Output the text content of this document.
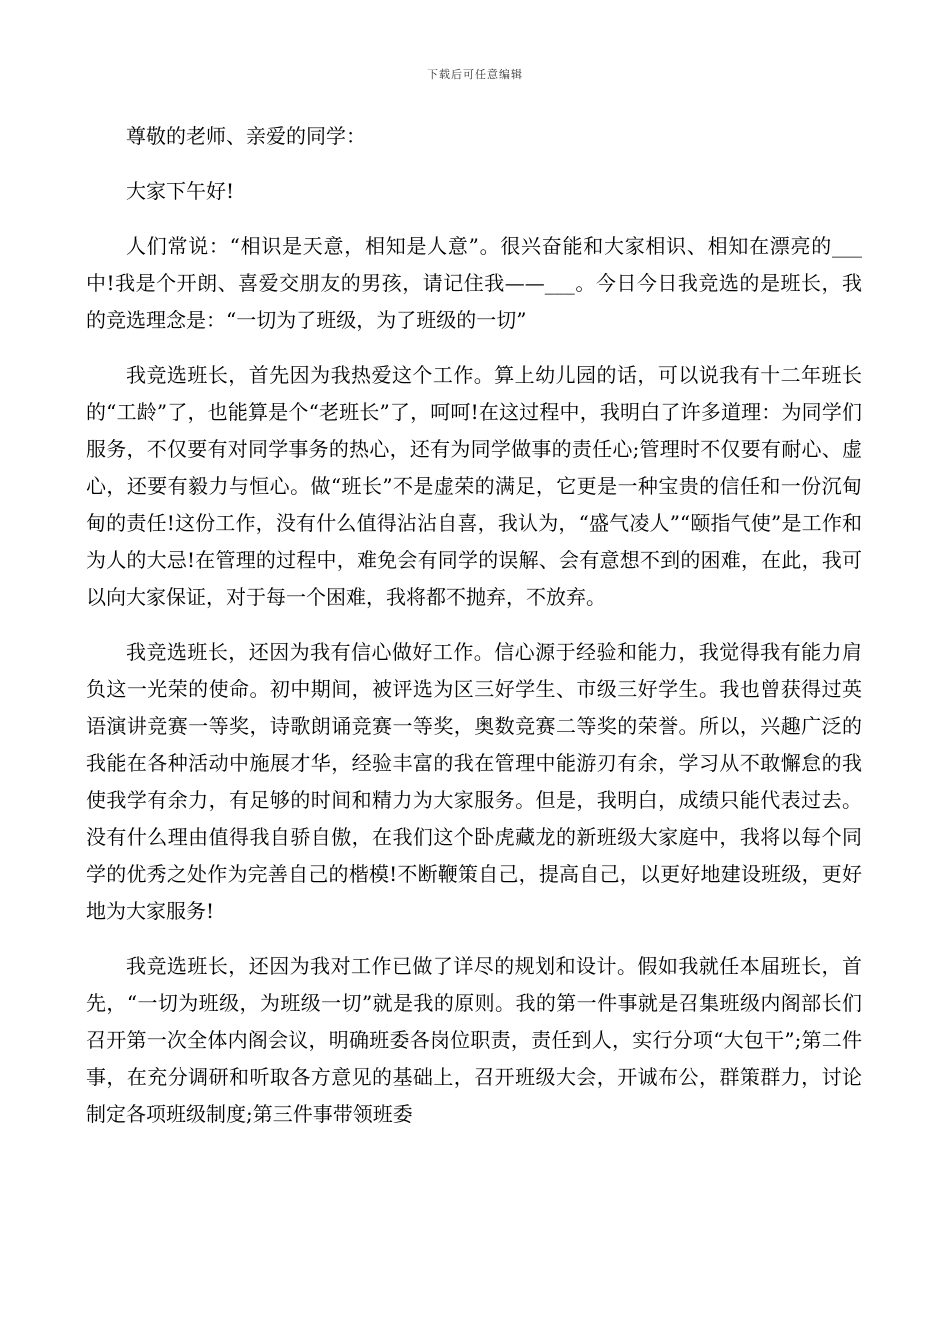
下载后可任意编辑

尊敬的老师、亲爱的同学：

大家下午好!

人们常说：“相识是天意，相知是人意”。很兴奋能和大家相识、相知在漂亮的___中!我是个开朗、喜爱交朋友的男孩，请记住我——___。今日今日我竞选的是班长，我的竞选理念是：“一切为了班级，为了班级的一切”

我竞选班长，首先因为我热爱这个工作。算上幼儿园的话，可以说我有十二年班长的“工龄”了，也能算是个“老班长”了，呵呵!在这过程中，我明白了许多道理：为同学们服务，不仅要有对同学事务的热心，还有为同学做事的责任心;管理时不仅要有耐心、虚心，还要有毅力与恒心。做“班长”不是虚荣的满足，它更是一种宝贵的信任和一份沉甸甸的责任!这份工作，没有什么值得沾沾自喜，我认为，“盛气凌人”“颐指气使”是工作和为人的大忌!在管理的过程中，难免会有同学的误解、会有意想不到的困难，在此，我可以向大家保证，对于每一个困难，我将都不抛弃，不放弃。

我竞选班长，还因为我有信心做好工作。信心源于经验和能力，我觉得我有能力肩负这一光荣的使命。初中期间，被评选为区三好学生、市级三好学生。我也曾获得过英语演讲竞赛一等奖，诗歌朗诵竞赛一等奖，奥数竞赛二等奖的荣誉。所以，兴趣广泛的我能在各种活动中施展才华，经验丰富的我在管理中能游刃有余，学习从不敢懈怠的我使我学有余力，有足够的时间和精力为大家服务。但是，我明白，成绩只能代表过去。没有什么理由值得我自骄自傲，在我们这个卧虎藏龙的新班级大家庭中，我将以每个同学的优秀之处作为完善自己的楷模!不断鞭策自己，提高自己，以更好地建设班级，更好地为大家服务!

我竞选班长，还因为我对工作已做了详尽的规划和设计。假如我就任本届班长，首先，“一切为班级，为班级一切”就是我的原则。我的第一件事就是召集班级内阁部长们召开第一次全体内阁会议，明确班委各岗位职责，责任到人，实行分项“大包干”;第二件事，在充分调研和听取各方意见的基础上，召开班级大会，开诚布公，群策群力，讨论制定各项班级制度;第三件事带领班委
